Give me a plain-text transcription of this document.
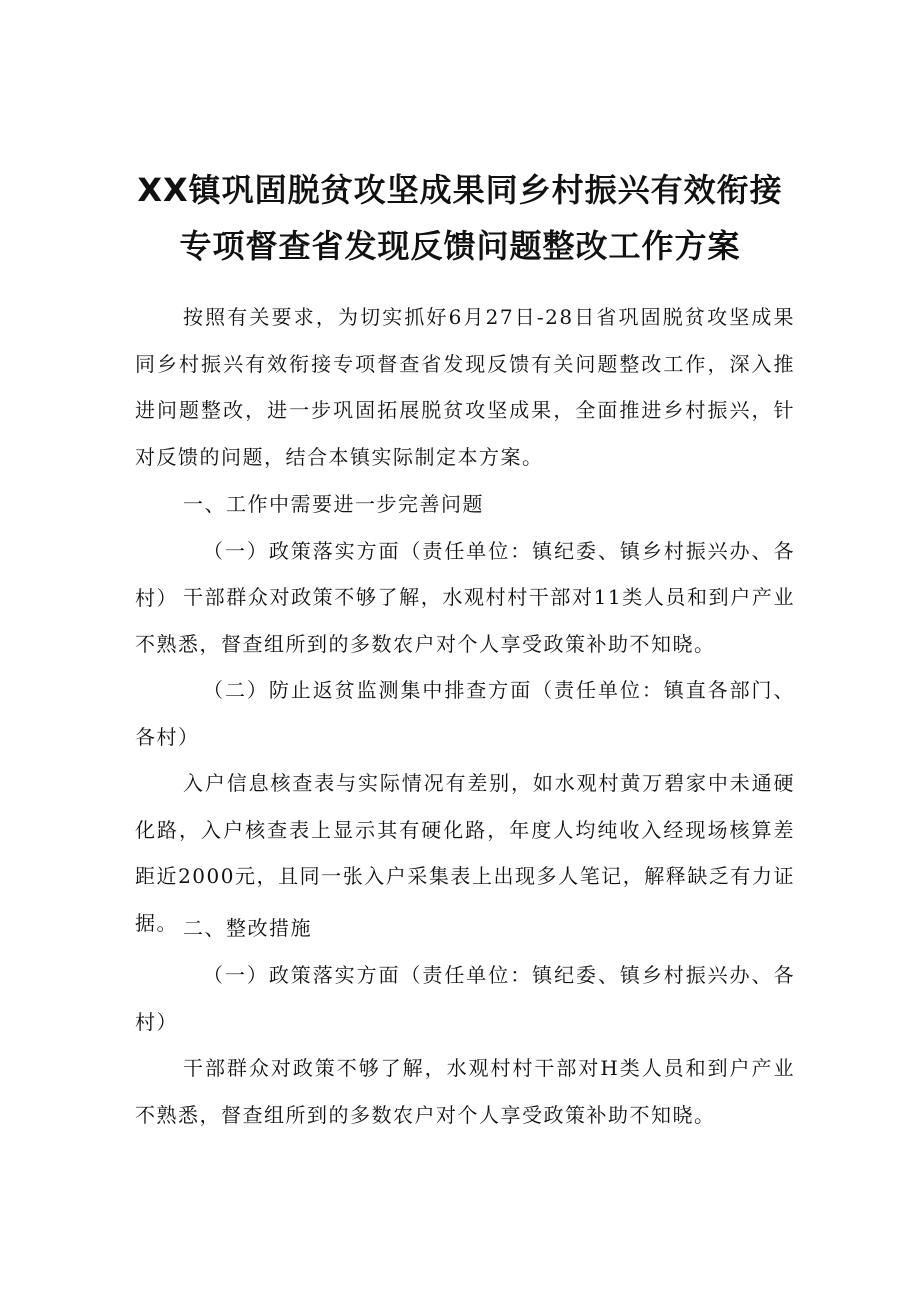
XX镇巩固脱贫攻坚成果同乡村振兴有效衔接
专项督查省发现反馈问题整改工作方案

按照有关要求，为切实抓好6月27日-28日省巩固脱贫攻坚成果同乡村振兴有效衔接专项督查省发现反馈有关问题整改工作，深入推进问题整改，进一步巩固拓展脱贫攻坚成果，全面推进乡村振兴，针对反馈的问题，结合本镇实际制定本方案。

一、工作中需要进一步完善问题

（一）政策落实方面（责任单位：镇纪委、镇乡村振兴办、各村） 干部群众对政策不够了解，水观村村干部对11类人员和到户产业不熟悉，督查组所到的多数农户对个人享受政策补助不知晓。

（二）防止返贫监测集中排查方面（责任单位：镇直各部门、各村）

入户信息核查表与实际情况有差别，如水观村黄万碧家中未通硬化路，入户核查表上显示其有硬化路，年度人均纯收入经现场核算差距近2000元，且同一张入户采集表上出现多人笔记，解释缺乏有力证据。 二、整改措施

（一）政策落实方面（责任单位：镇纪委、镇乡村振兴办、各村）

干部群众对政策不够了解，水观村村干部对H类人员和到户产业不熟悉，督查组所到的多数农户对个人享受政策补助不知晓。
